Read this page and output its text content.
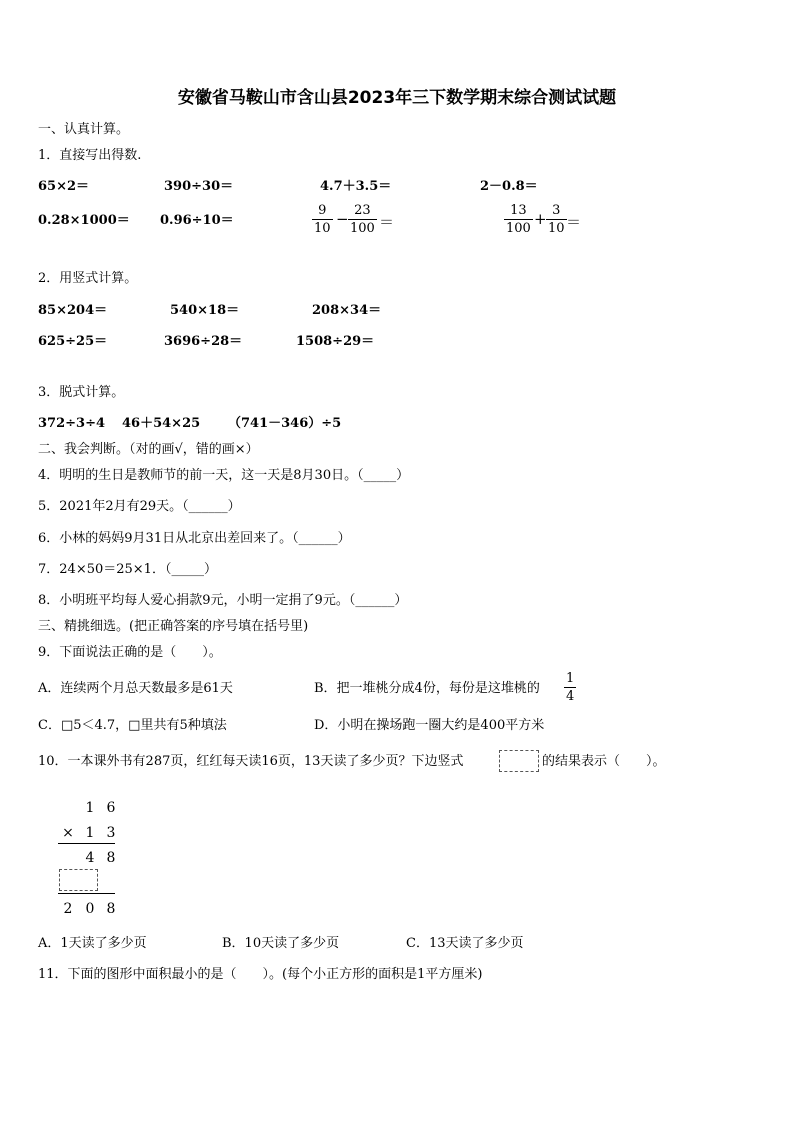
安徽省马鞍山市含山县2023年三下数学期末综合测试试题
一、认真计算。
1．直接写出得数.
65×2＝	390÷30＝	4.7＋3.5＝	2－0.8＝
0.28×1000＝ 0.96÷10＝	$\frac{9}{10} - \frac{23}{100}$ ＝	$\frac{13}{100} + \frac{3}{10}$ ＝
2．用竖式计算。
85×204＝	540×18＝	208×34＝
625÷25＝	3696÷28＝	1508÷29＝
3．脱式计算。
372÷3÷4 46＋54×25 （741－346）÷5
二、我会判断。（对的画√，错的画×）
4．明明的生日是教师节的前一天，这一天是8月30日。（_____）
5．2021年2月有29天。（______）
6．小林的妈妈9月31日从北京出差回来了。（______）
7．24×50＝25×1．（_____）
8．小明班平均每人爱心捐款9元，小明一定捐了9元。（______）
三、精挑细选。(把正确答案的序号填在括号里)
9．下面说法正确的是（　　）。
A．连续两个月总天数最多是61天	B．把一堆桃分成4份，每份是这堆桃的 $\frac{1}{4}$
C．□5＜4.7，□里共有5种填法	D．小明在操场跑一圈大约是400平方米
10．一本课外书有287页，红红每天读16页，13天读了多少页？下边竖式	的结果表示（　　）。
1 6
× 1 3
4 8
2 0 8
A．1天读了多少页	B．10天读了多少页	C．13天读了多少页
11．下面的图形中面积最小的是（　　）。(每个小正方形的面积是1平方厘米)
